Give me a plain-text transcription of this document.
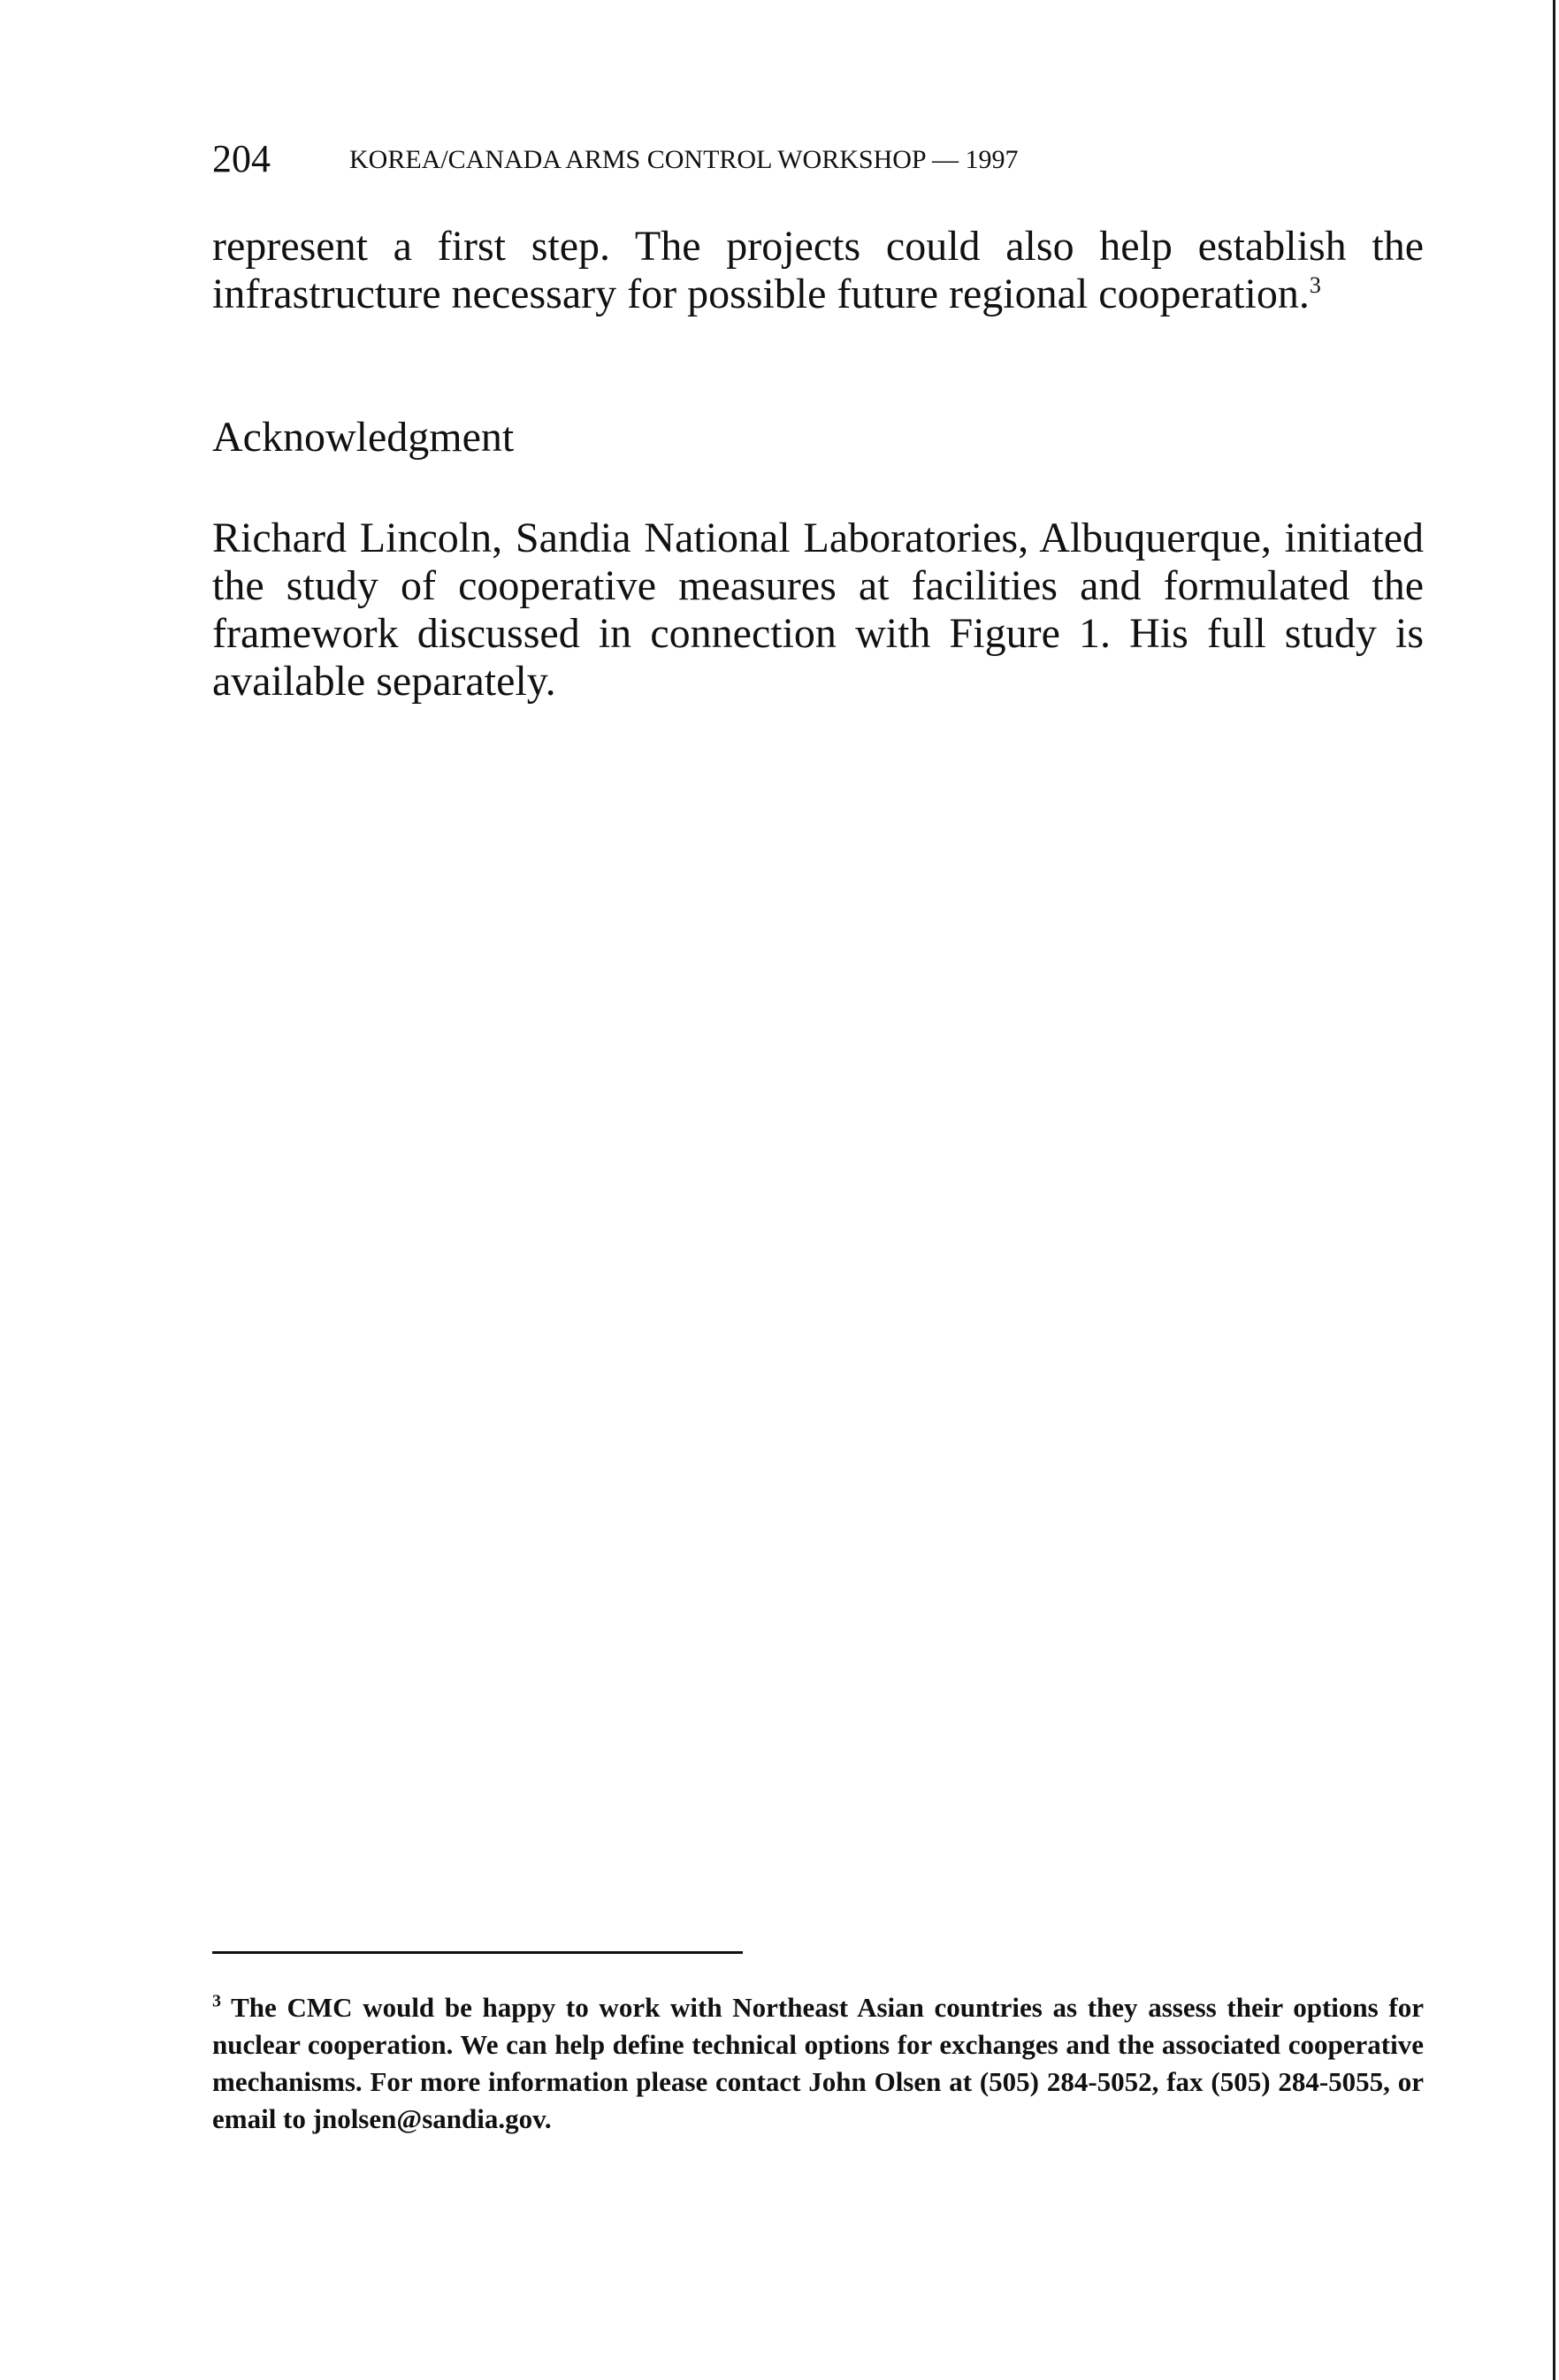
204	KOREA/CANADA ARMS CONTROL WORKSHOP — 1997

represent a first step. The projects could also help establish the infrastructure necessary for possible future regional cooperation.$^3$

Acknowledgment

Richard Lincoln, Sandia National Laboratories, Albuquerque, initiated the study of cooperative measures at facilities and formulated the framework discussed in connection with Figure 1. His full study is available separately.

$^3$ The CMC would be happy to work with Northeast Asian countries as they assess their options for nuclear cooperation. We can help define technical options for exchanges and the associated cooperative mechanisms. For more information please contact John Olsen at (505) 284-5052, fax (505) 284-5055, or email to jnolsen@sandia.gov.
